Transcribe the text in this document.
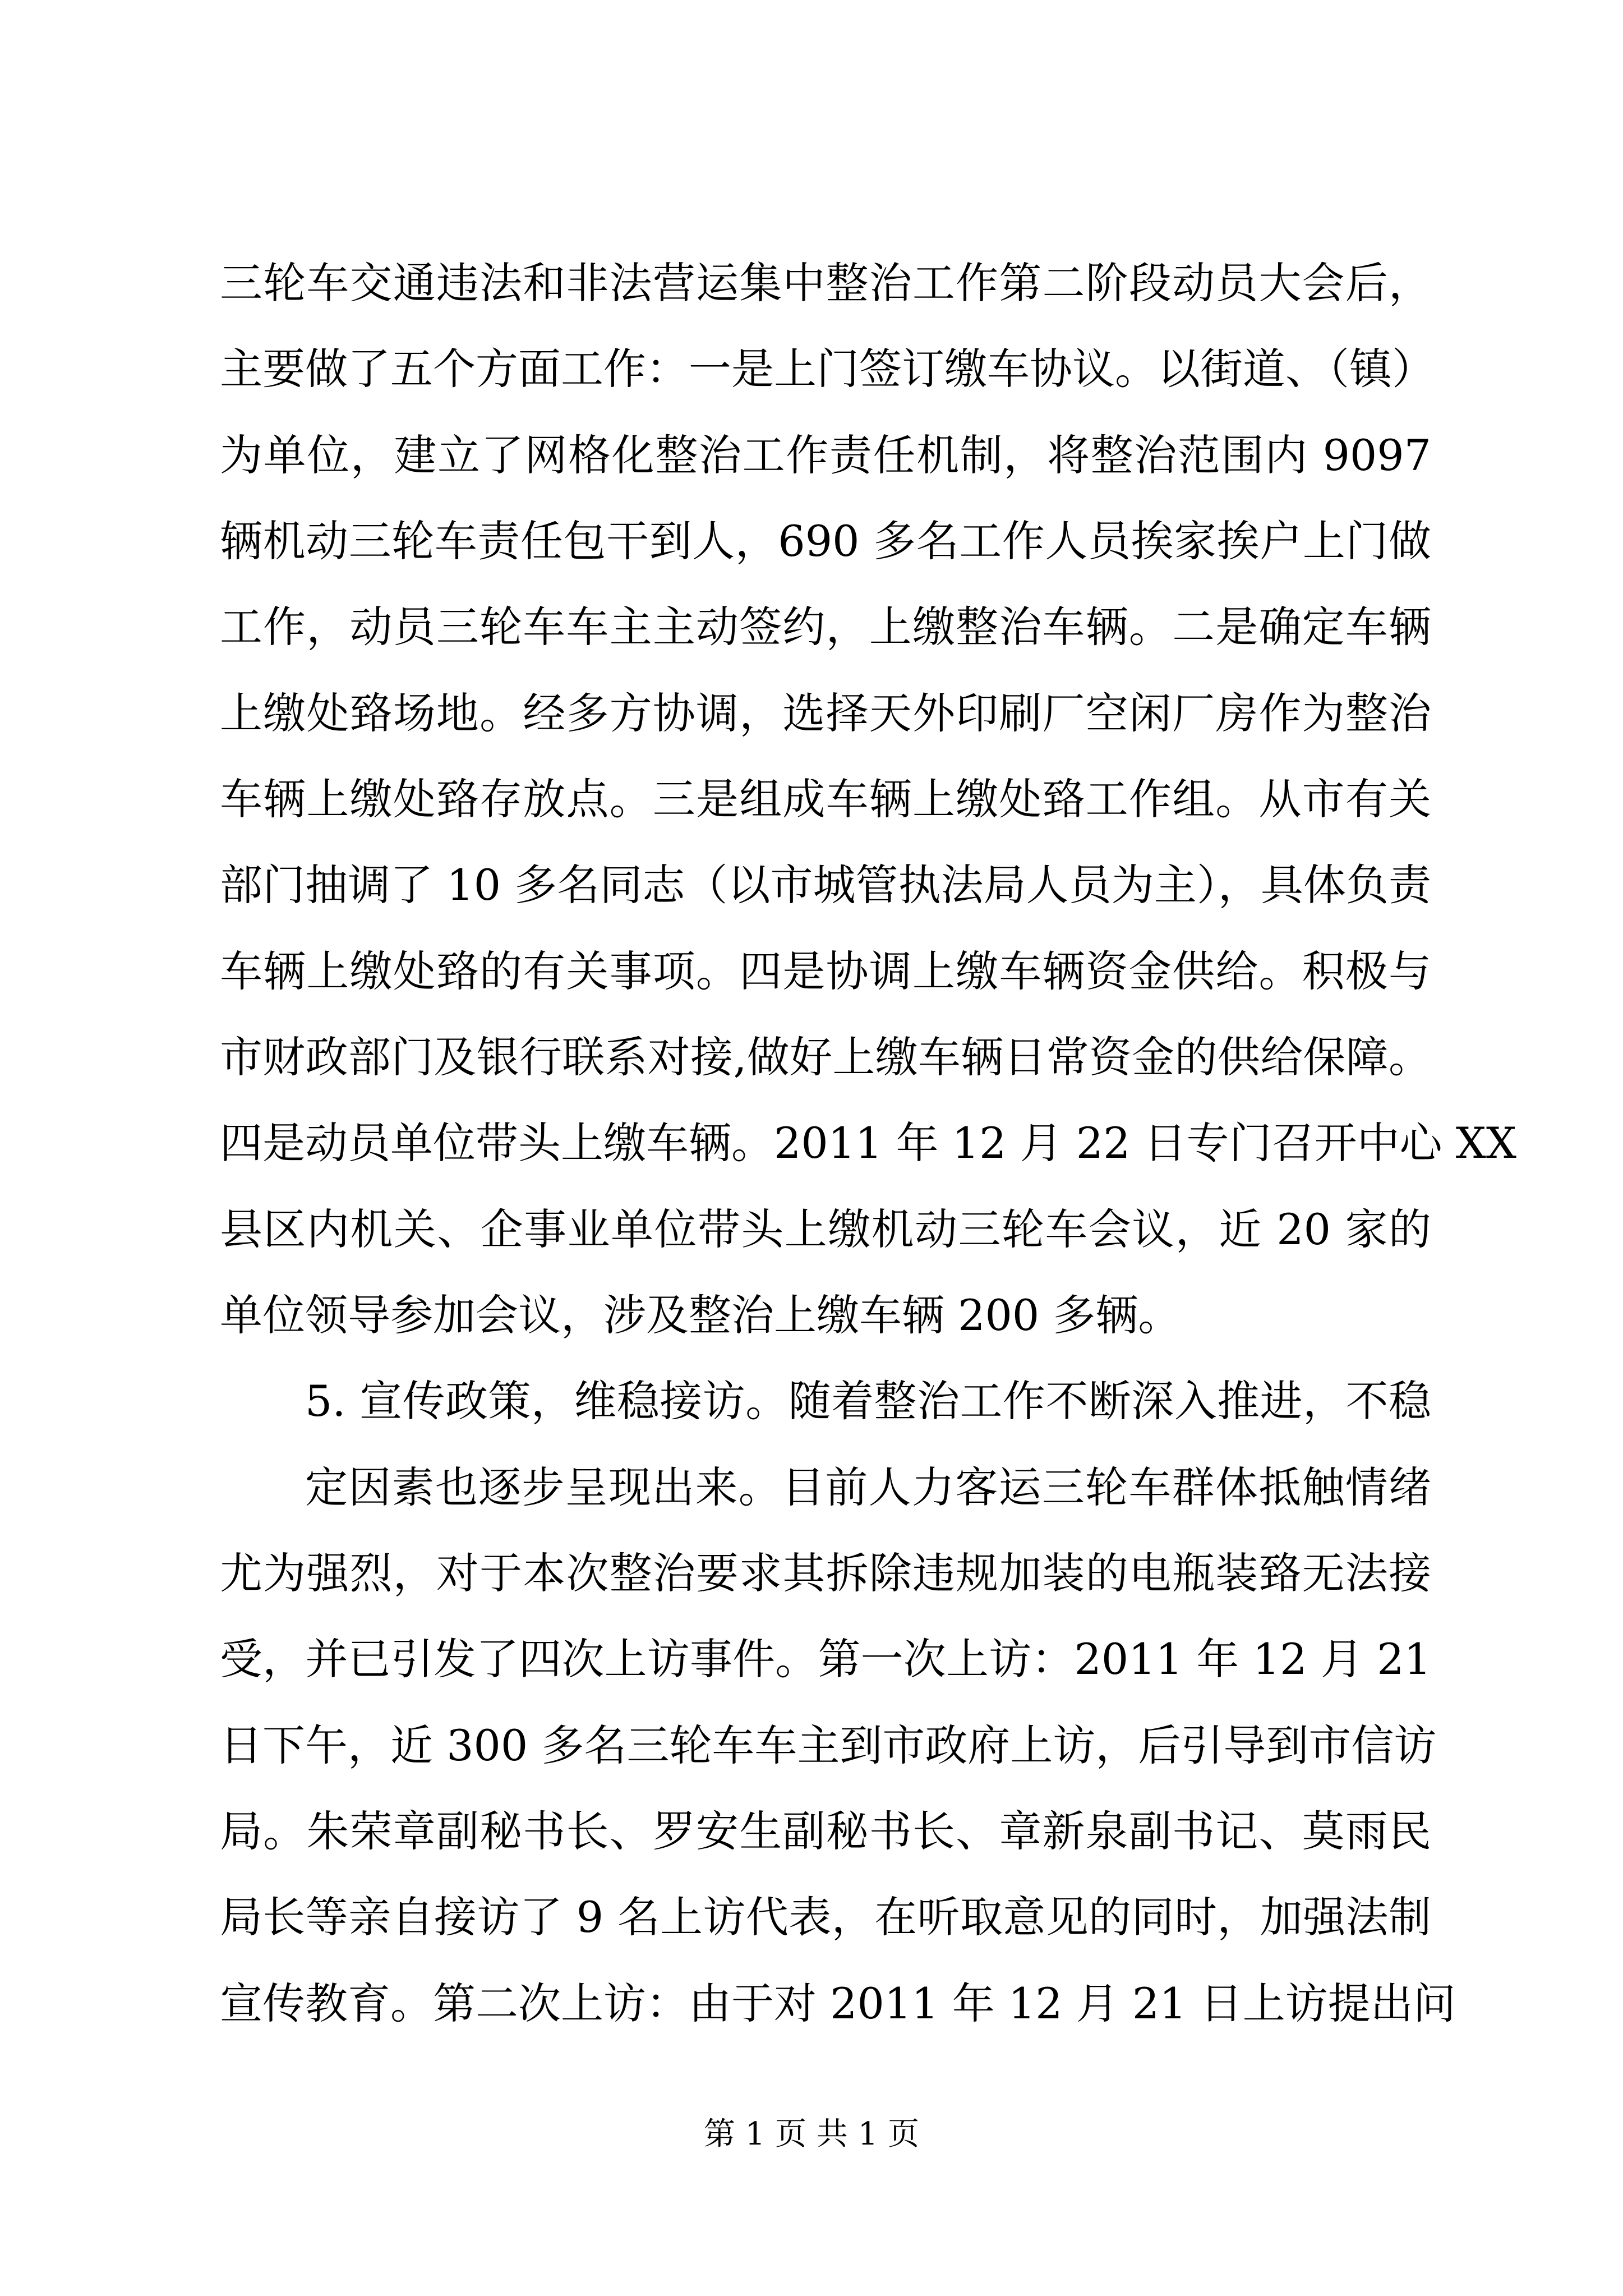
三轮车交通违法和非法营运集中整治工作第二阶段动员大会后，
主要做了五个方面工作：一是上门签订缴车协议。以街道、（镇）
为单位，建立了网格化整治工作责任机制，将整治范围内 9097
辆机动三轮车责任包干到人，690 多名工作人员挨家挨户上门做
工作，动员三轮车车主主动签约，上缴整治车辆。二是确定车辆
上缴处臵场地。经多方协调，选择天外印刷厂空闲厂房作为整治
车辆上缴处臵存放点。三是组成车辆上缴处臵工作组。从市有关
部门抽调了 10 多名同志（以市城管执法局人员为主），具体负责
车辆上缴处臵的有关事项。四是协调上缴车辆资金供给。积极与
市财政部门及银行联系对接,做好上缴车辆日常资金的供给保障。
四是动员单位带头上缴车辆。2011 年 12 月 22 日专门召开中心 XX
县区内机关、企事业单位带头上缴机动三轮车会议，近 20 家的
单位领导参加会议，涉及整治上缴车辆 200 多辆。
5. 宣传政策，维稳接访。随着整治工作不断深入推进，不稳
定因素也逐步呈现出来。目前人力客运三轮车群体抵触情绪
尤为强烈，对于本次整治要求其拆除违规加装的电瓶装臵无法接
受，并已引发了四次上访事件。第一次上访：2011 年 12 月 21
日下午，近 300 多名三轮车车主到市政府上访，后引导到市信访
局。朱荣章副秘书长、罗安生副秘书长、章新泉副书记、莫雨民
局长等亲自接访了 9 名上访代表，在听取意见的同时，加强法制
宣传教育。第二次上访：由于对 2011 年 12 月 21 日上访提出问
第 1 页 共 1 页
